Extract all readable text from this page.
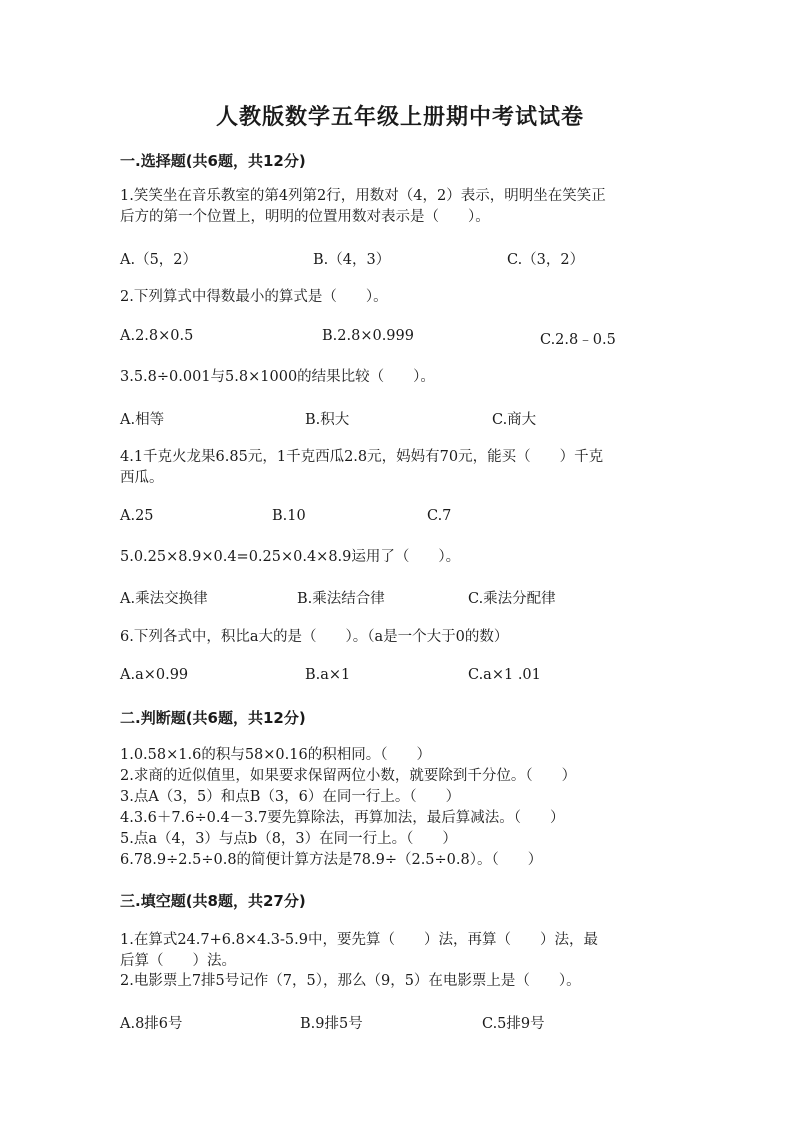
人教版数学五年级上册期中考试试卷
一.选择题(共6题，共12分)
1.笑笑坐在音乐教室的第4列第2行，用数对（4，2）表示，明明坐在笑笑正
后方的第一个位置上，明明的位置用数对表示是（　　）。
A.（5，2）	B.（4，3）	C.（3，2）
2.下列算式中得数最小的算式是（　　）。
A.2.8×0.5	B.2.8×0.999	C.2.8﹣0.5
3.5.8÷0.001与5.8×1000的结果比较（　　）。
A.相等	B.积大	C.商大
4.1千克火龙果6.85元，1千克西瓜2.8元，妈妈有70元，能买（　　）千克
西瓜。
A.25	B.10	C.7
5.0.25×8.9×0.4=0.25×0.4×8.9运用了（　　）。
A.乘法交换律	B.乘法结合律	C.乘法分配律
6.下列各式中，积比a大的是（　　）。（a是一个大于0的数）
A.a×0.99	B.a×1	C.a×1 .01
二.判断题(共6题，共12分)
1.0.58×1.6的积与58×0.16的积相同。（　　）
2.求商的近似值里，如果要求保留两位小数，就要除到千分位。（　　）
3.点A（3，5）和点B（3，6）在同一行上。（　　）
4.3.6＋7.6÷0.4－3.7要先算除法，再算加法，最后算减法。（　　）
5.点a（4，3）与点b（8，3）在同一行上。（　　）
6.78.9÷2.5÷0.8的简便计算方法是78.9÷（2.5÷0.8）。（　　）
三.填空题(共8题，共27分)
1.在算式24.7+6.8×4.3-5.9中，要先算（　　）法，再算（　　）法，最
后算（　　）法。
2.电影票上7排5号记作（7，5），那么（9，5）在电影票上是（　　）。
A.8排6号	B.9排5号	C.5排9号
